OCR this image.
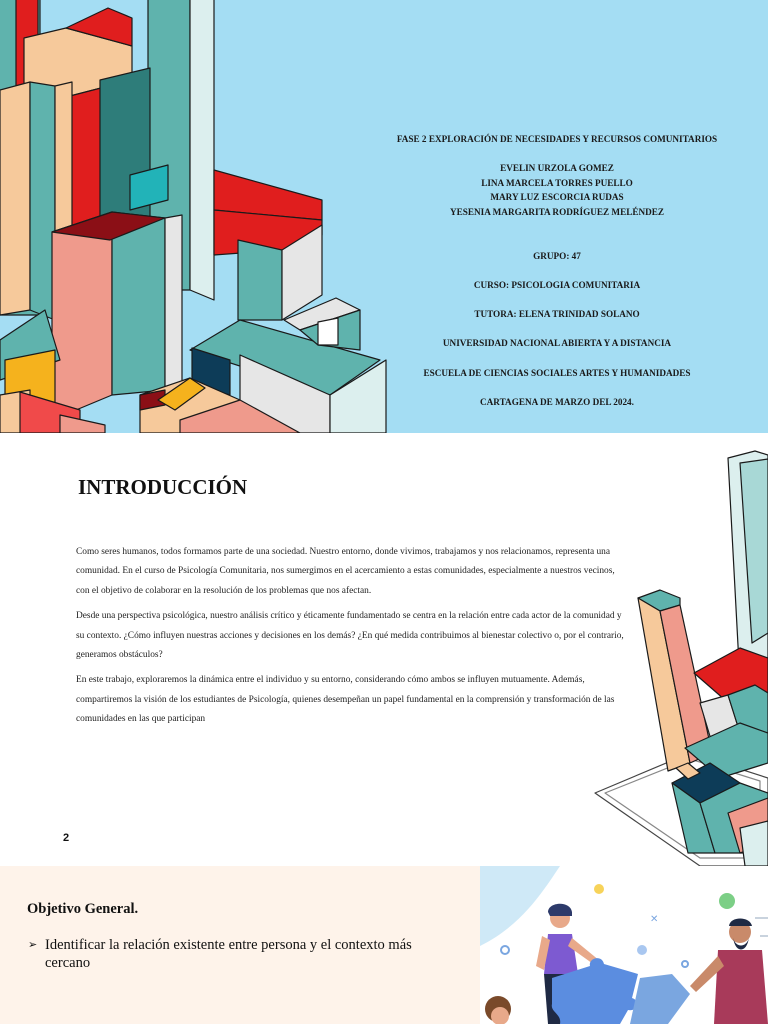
FASE 2 EXPLORACIÓN DE NECESIDADES Y RECURSOS COMUNITARIOS

EVELIN URZOLA GOMEZ

LINA MARCELA TORRES PUELLO

MARY LUZ ESCORCIA RUDAS

YESENIA MARGARITA RODRÍGUEZ MELÉNDEZ

GRUPO: 47

CURSO: PSICOLOGIA COMUNITARIA

TUTORA: ELENA TRINIDAD SOLANO

UNIVERSIDAD NACIONAL ABIERTA Y A DISTANCIA

ESCUELA DE CIENCIAS SOCIALES ARTES Y HUMANIDADES

CARTAGENA DE MARZO DEL 2024.

INTRODUCCIÓN

Como seres humanos, todos formamos parte de una sociedad. Nuestro entorno, donde vivimos, trabajamos y nos relacionamos, representa una comunidad. En el curso de Psicología Comunitaria, nos sumergimos en el acercamiento a estas comunidades, especialmente a nuestros vecinos, con el objetivo de colaborar en la resolución de los problemas que nos afectan.

Desde una perspectiva psicológica, nuestro análisis crítico y éticamente fundamentado se centra en la relación entre cada actor de la comunidad y su contexto. ¿Cómo influyen nuestras acciones y decisiones en los demás? ¿En qué medida contribuimos al bienestar colectivo o, por el contrario, generamos obstáculos?

En este trabajo, exploraremos la dinámica entre el individuo y su entorno, considerando cómo ambos se influyen mutuamente. Además, compartiremos la visión de los estudiantes de Psicología, quienes desempeñan un papel fundamental en la comprensión y transformación de las comunidades en las que participan

2
Objetivo General.
➢ Identificar la relación existente entre persona y el contexto más cercano
✕
